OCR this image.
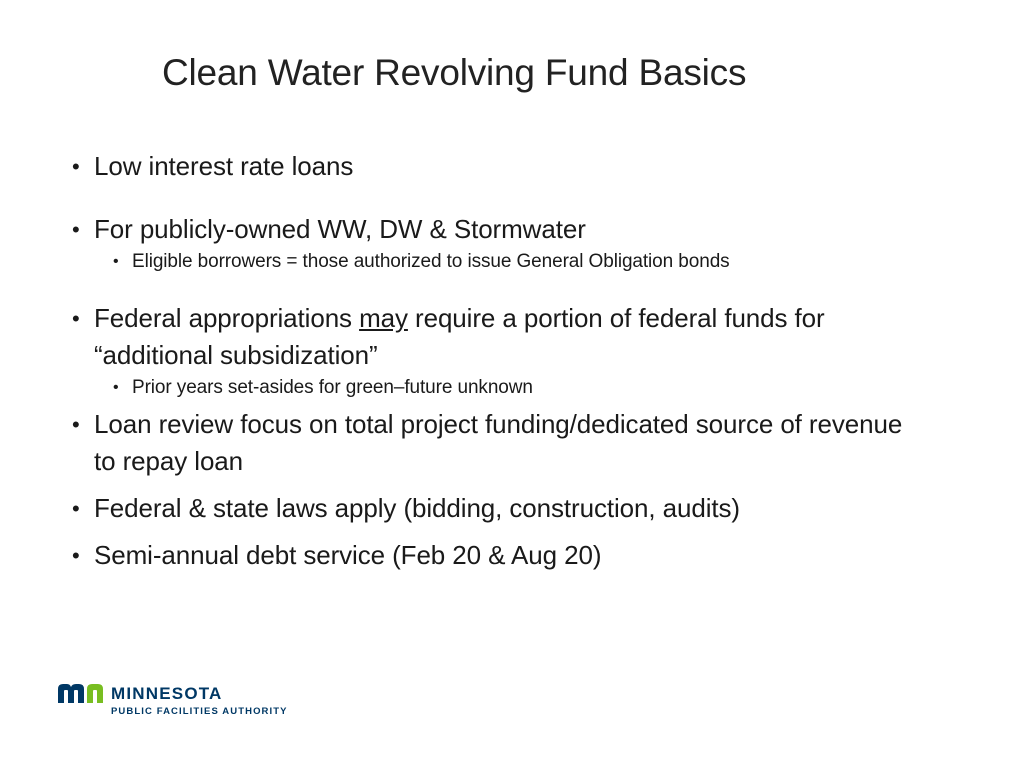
Clean Water Revolving Fund Basics
• Low interest rate loans
• For publicly-owned WW, DW & Stormwater
• Eligible borrowers = those authorized to issue General Obligation bonds
• Federal appropriations may require a portion of federal funds for “additional subsidization”
• Prior years set-asides for green–future unknown
• Loan review focus on total project funding/dedicated source of revenue to repay loan
• Federal & state laws apply (bidding, construction, audits)
• Semi-annual debt service (Feb 20 & Aug 20)
MINNESOTA
PUBLIC FACILITIES AUTHORITY
